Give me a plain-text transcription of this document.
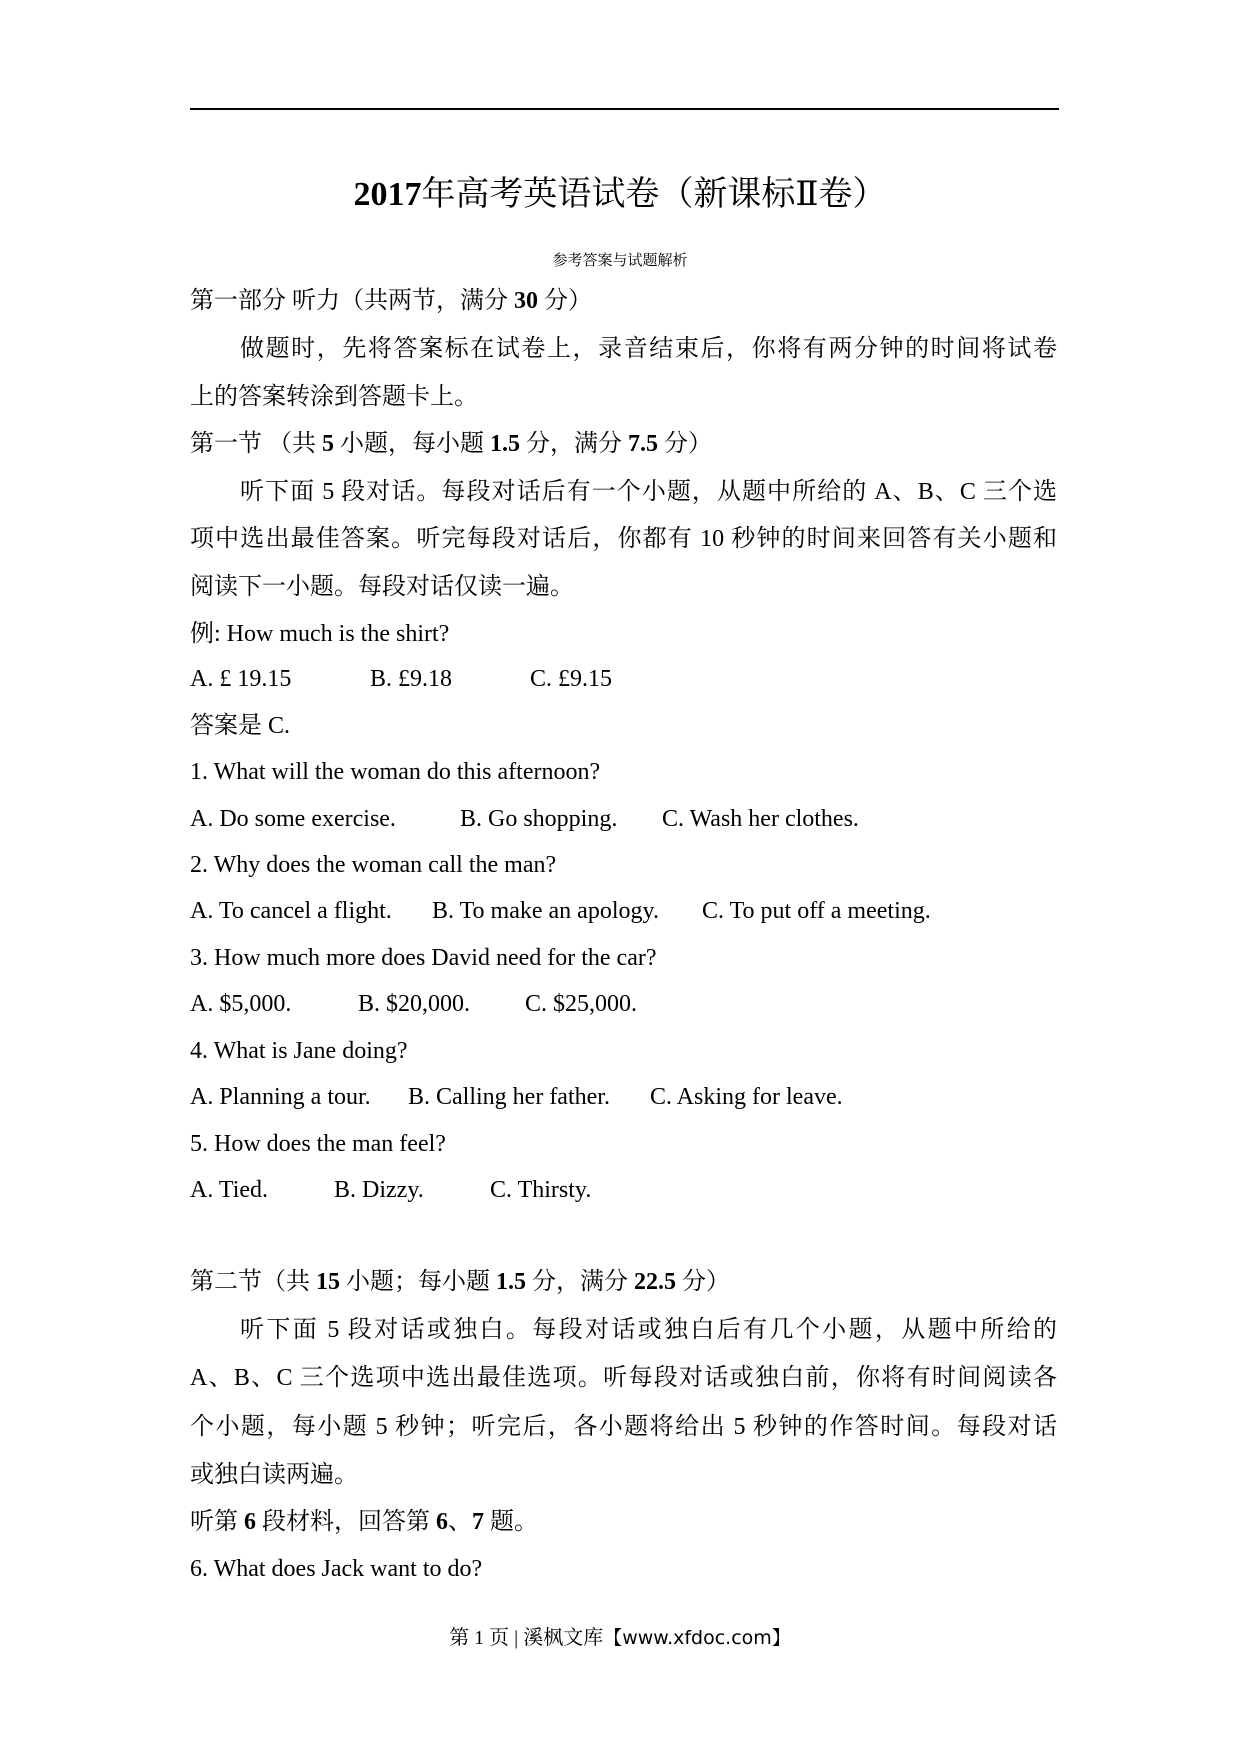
2017年高考英语试卷（新课标Ⅱ卷）
参考答案与试题解析
第一部分 听力（共两节，满分 30 分）
做题时，先将答案标在试卷上，录音结束后，你将有两分钟的时间将试卷
上的答案转涂到答题卡上。
第一节 （共 5 小题，每小题 1.5 分，满分 7.5 分）
听下面 5 段对话。每段对话后有一个小题，从题中所给的 A、B、C 三个选
项中选出最佳答案。听完每段对话后，你都有 10 秒钟的时间来回答有关小题和
阅读下一小题。每段对话仅读一遍。
例: How much is the shirt?
A. £ 19.15	B. £9.18	C. £9.15
答案是 C.
1. What will the woman do this afternoon?
A. Do some exercise.	B. Go shopping. C. Wash her clothes.
2. Why does the woman call the man?
A. To cancel a flight. B. To make an apology. C. To put off a meeting.
3. How much more does David need for the car?
A. $5,000.	B. $20,000. C. $25,000.
4. What is Jane doing?
A. Planning a tour. B. Calling her father. C. Asking for leave.
5. How does the man feel?
A. Tied.	B. Dizzy.	C. Thirsty.
第二节（共 15 小题；每小题 1.5 分，满分 22.5 分）
听下面 5 段对话或独白。每段对话或独白后有几个小题，从题中所给的
A、B、C 三个选项中选出最佳选项。听每段对话或独白前，你将有时间阅读各
个小题，每小题 5 秒钟；听完后，各小题将给出 5 秒钟的作答时间。每段对话
或独白读两遍。
听第 6 段材料，回答第 6、7 题。
6. What does Jack want to do?
第 1 页 | 溪枫文库【www.xfdoc.com】
